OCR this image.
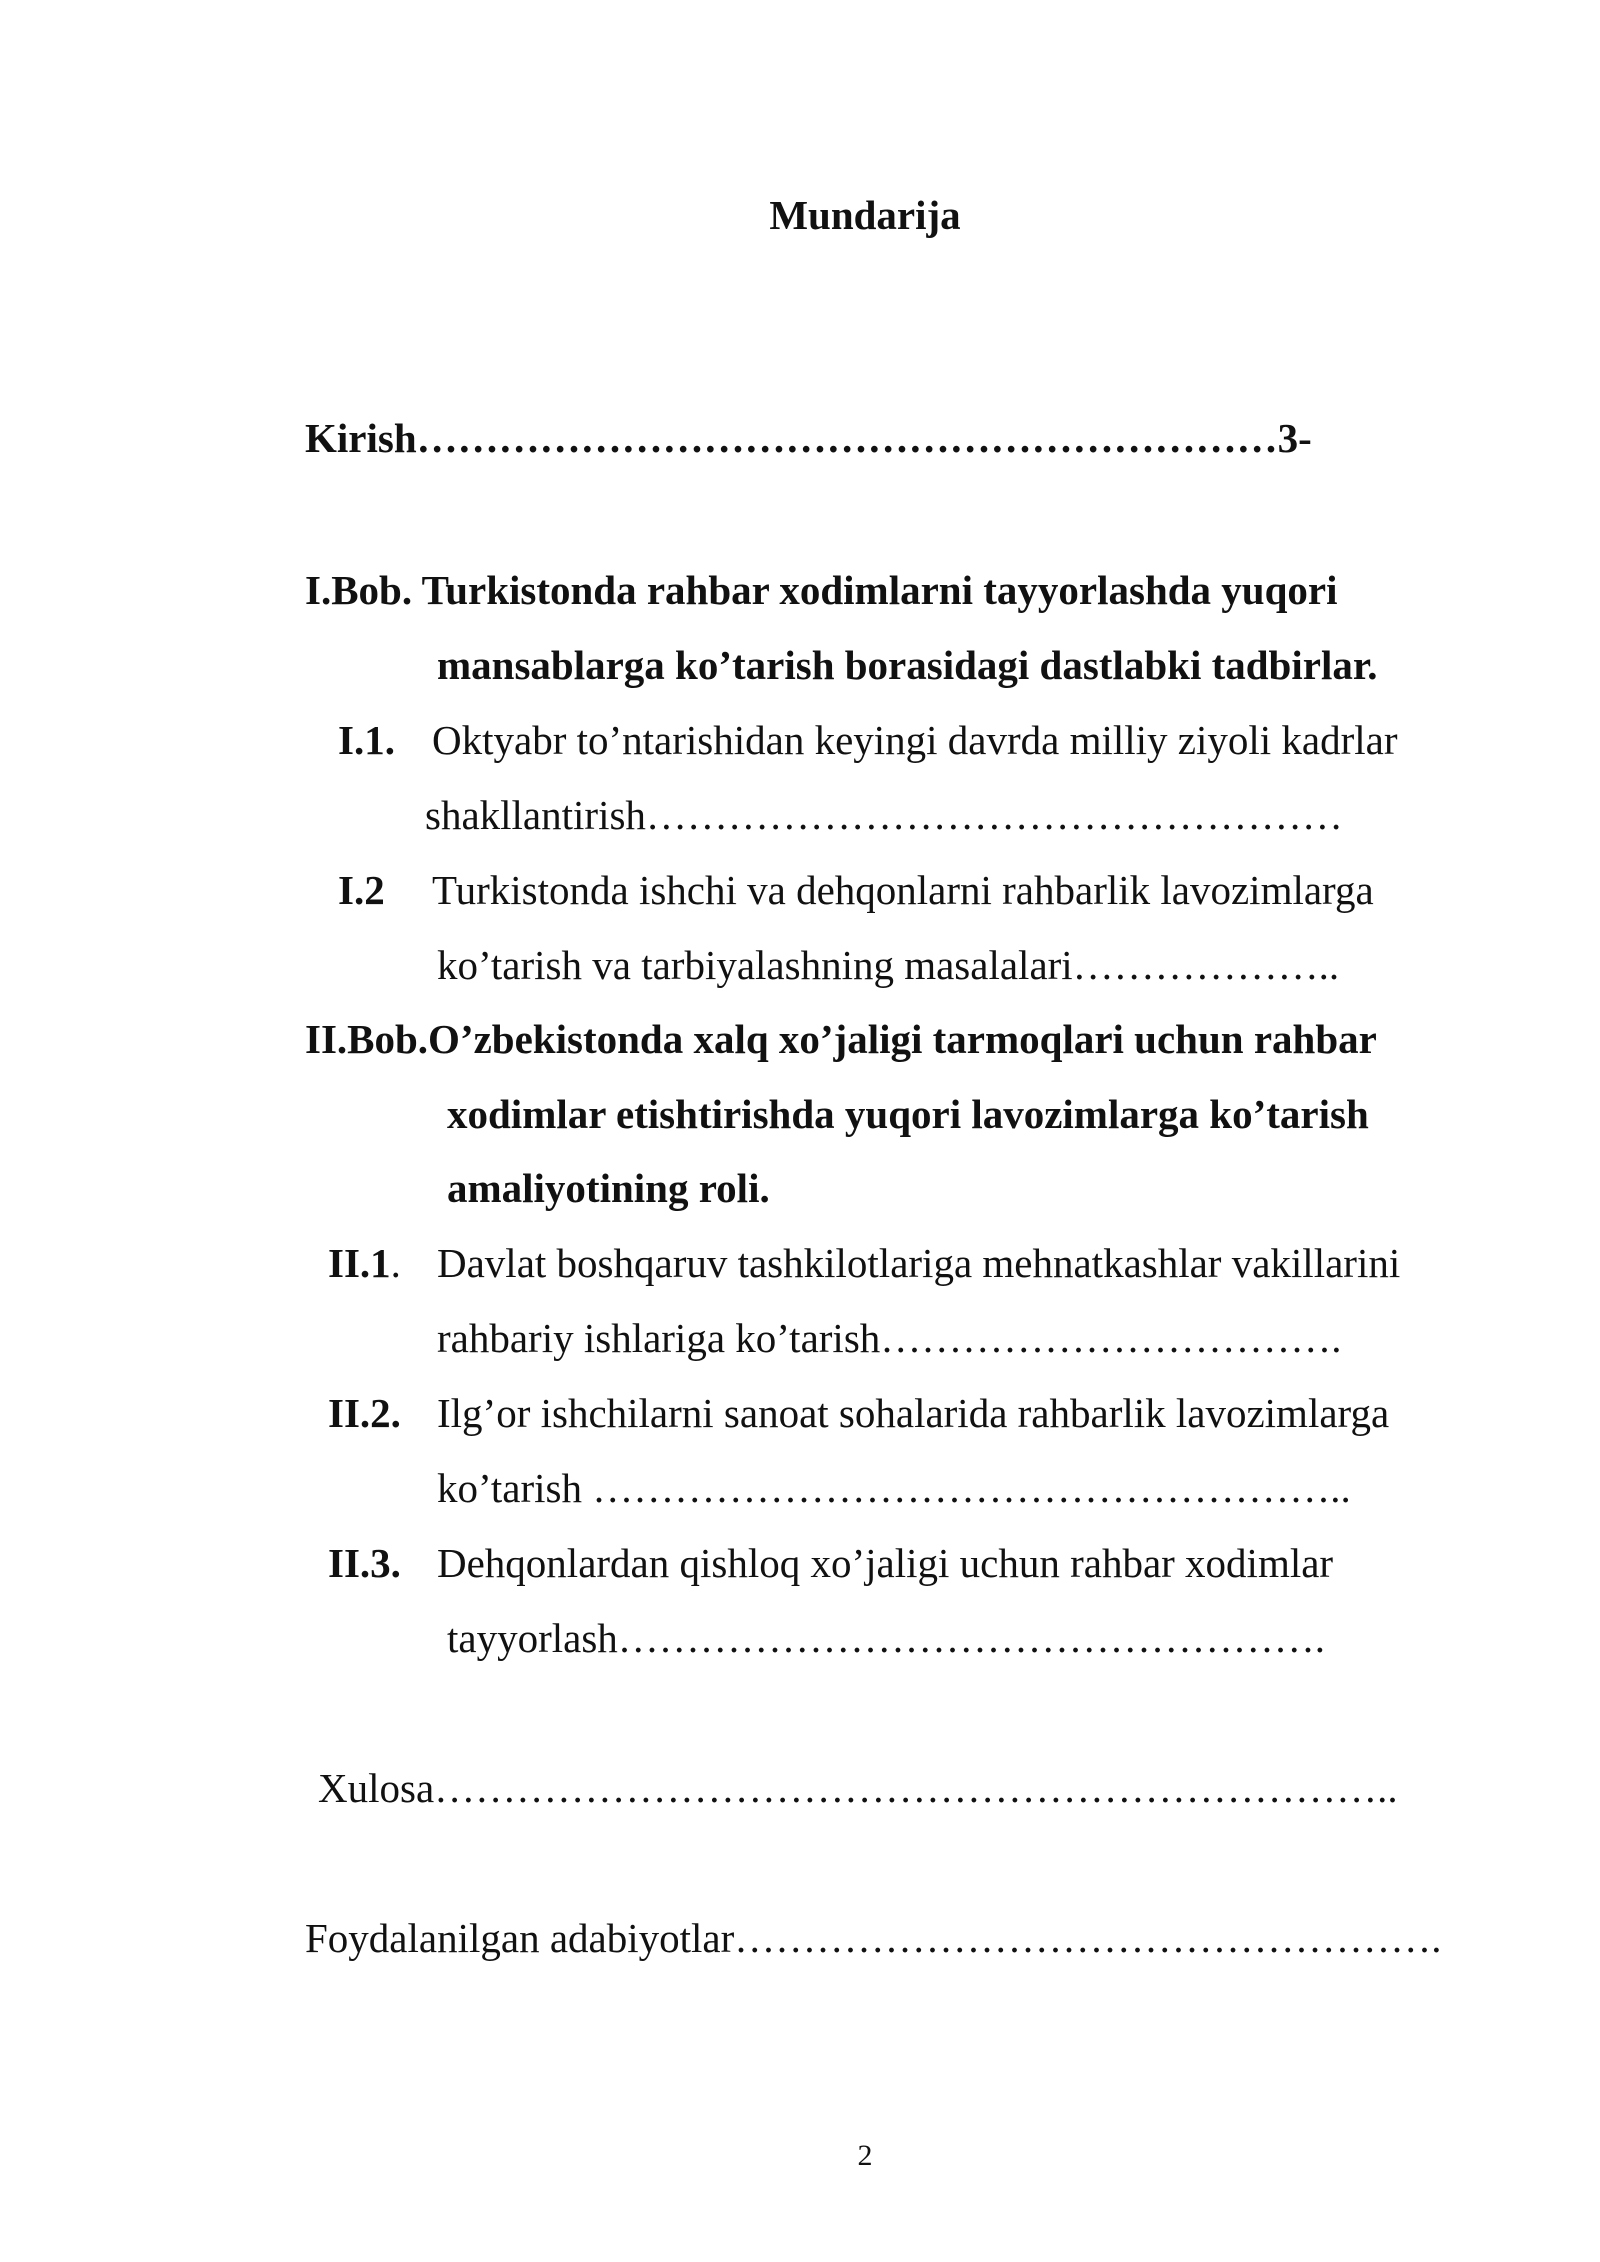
Mundarija
Kirish………………………………………………………3-
I.Bob. Turkistonda rahbar xodimlarni tayyorlashda yuqori
mansablarga ko’tarish borasidagi dastlabki tadbirlar.
I.1. Oktyabr to’ntarishidan keyingi davrda milliy ziyoli kadrlar
shakllantirish……………………………………………
I.2 Turkistonda ishchi va dehqonlarni rahbarlik lavozimlarga
ko’tarish va tarbiyalashning masalalari………………..
II.Bob.O’zbekistonda xalq xo’jaligi tarmoqlari uchun rahbar
xodimlar etishtirishda yuqori lavozimlarga ko’tarish
amaliyotining roli.
II.1. Davlat boshqaruv tashkilotlariga mehnatkashlar vakillarini
rahbariy ishlariga ko’tarish…………………………….
II.2. Ilg’or ishchilarni sanoat sohalarida rahbarlik lavozimlarga
ko’tarish ………………………………………………..
II.3. Dehqonlardan qishloq xo’jaligi uchun rahbar xodimlar
tayyorlash…………………………………………….
Xulosa……………………………………………………………..
Foydalanilgan adabiyotlar…………………………………………….
2
